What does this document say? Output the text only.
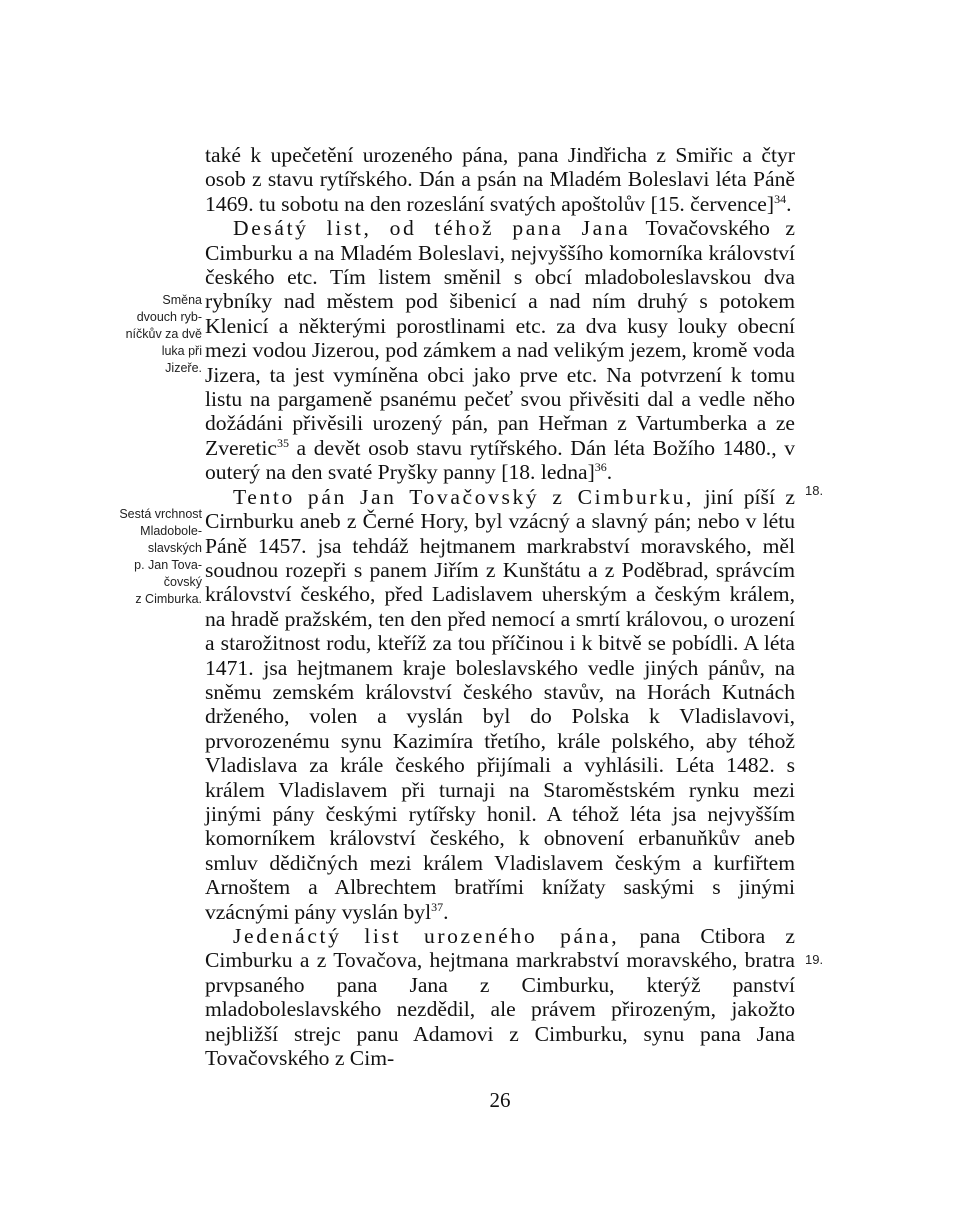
také k upečetění urozeného pána, pana Jindřicha z Smiřic a čtyr osob z stavu rytířského. Dán a psán na Mladém Boleslavi léta Páně 1469. tu sobotu na den rozeslání svatých apoštolův [15. července]$^{34}$.

Desátý list, od téhož pana Jana Tovačovského z Cimburku a na Mladém Boleslavi, nejvyššího komorníka království českého etc. Tím listem směnil s obcí mladoboleslavskou dva rybníky nad městem pod šibenicí a nad ním druhý s potokem Klenicí a některými porostlinami etc. za dva kusy louky obecní mezi vodou Jizerou, pod zámkem a nad velikým jezem, kromě voda Jizera, ta jest vymíněna obci jako prve etc. Na potvrzení k tomu listu na pargameně psanému pečeť svou přivěsiti dal a vedle něho dožádáni přivěsili urozený pán, pan Heřman z Vartumberka a ze Zveretic$^{35}$ a devět osob stavu rytířského. Dán léta Božího 1480., v outerý na den svaté Pryšky panny [18. ledna]$^{36}$.

Tento pán Jan Tovačovský z Cimburku, jiní píší z Cirnburku aneb z Černé Hory, byl vzácný a slavný pán; nebo v létu Páně 1457. jsa tehdáž hejtmanem markrabství moravského, měl soudnou rozepři s panem Jiřím z Kunštátu a z Poděbrad, správcím království českého, před Ladislavem uherským a českým králem, na hradě pražském, ten den před nemocí a smrtí královou, o urození a starožitnost rodu, kteříž za tou příčinou i k bitvě se pobídli. A léta 1471. jsa hejtmanem kraje boleslavského vedle jiných pánův, na sněmu zemském království českého stavův, na Horách Kutnách drženého, volen a vyslán byl do Polska k Vladislavovi, prvorozenému synu Kazimíra třetího, krále polského, aby téhož Vladislava za krále českého přijímali a vyhlásili. Léta 1482. s králem Vladislavem při turnaji na Staroměstském rynku mezi jinými pány českými rytířsky honil. A téhož léta jsa nejvyšším komorníkem království českého, k obnovení erbanuňkův aneb smluv dědičných mezi králem Vladislavem českým a kurfiřtem Arnoštem a Albrechtem bratřími knížaty saskými s jinými vzácnými pány vyslán byl$^{37}$.

Jedenáctý list urozeného pána, pana Ctibora z Cimburku a z Tovačova, hejtmana markrabství moravského, bratra prvpsaného pana Jana z Cimburku, kterýž panství mladoboleslavského nezdědil, ale právem přirozeným, jakožto nejbližší strejc panu Adamovi z Cimburku, synu pana Jana Tovačovského z Cim-

Směna
dvouch ryb-
níčkův za dvě
luka při
Jizeře.
Sestá vrchnost
Mladobole-
slavských
p. Jan Tova-
čovský
z Cimburka.
18.
19.
26
